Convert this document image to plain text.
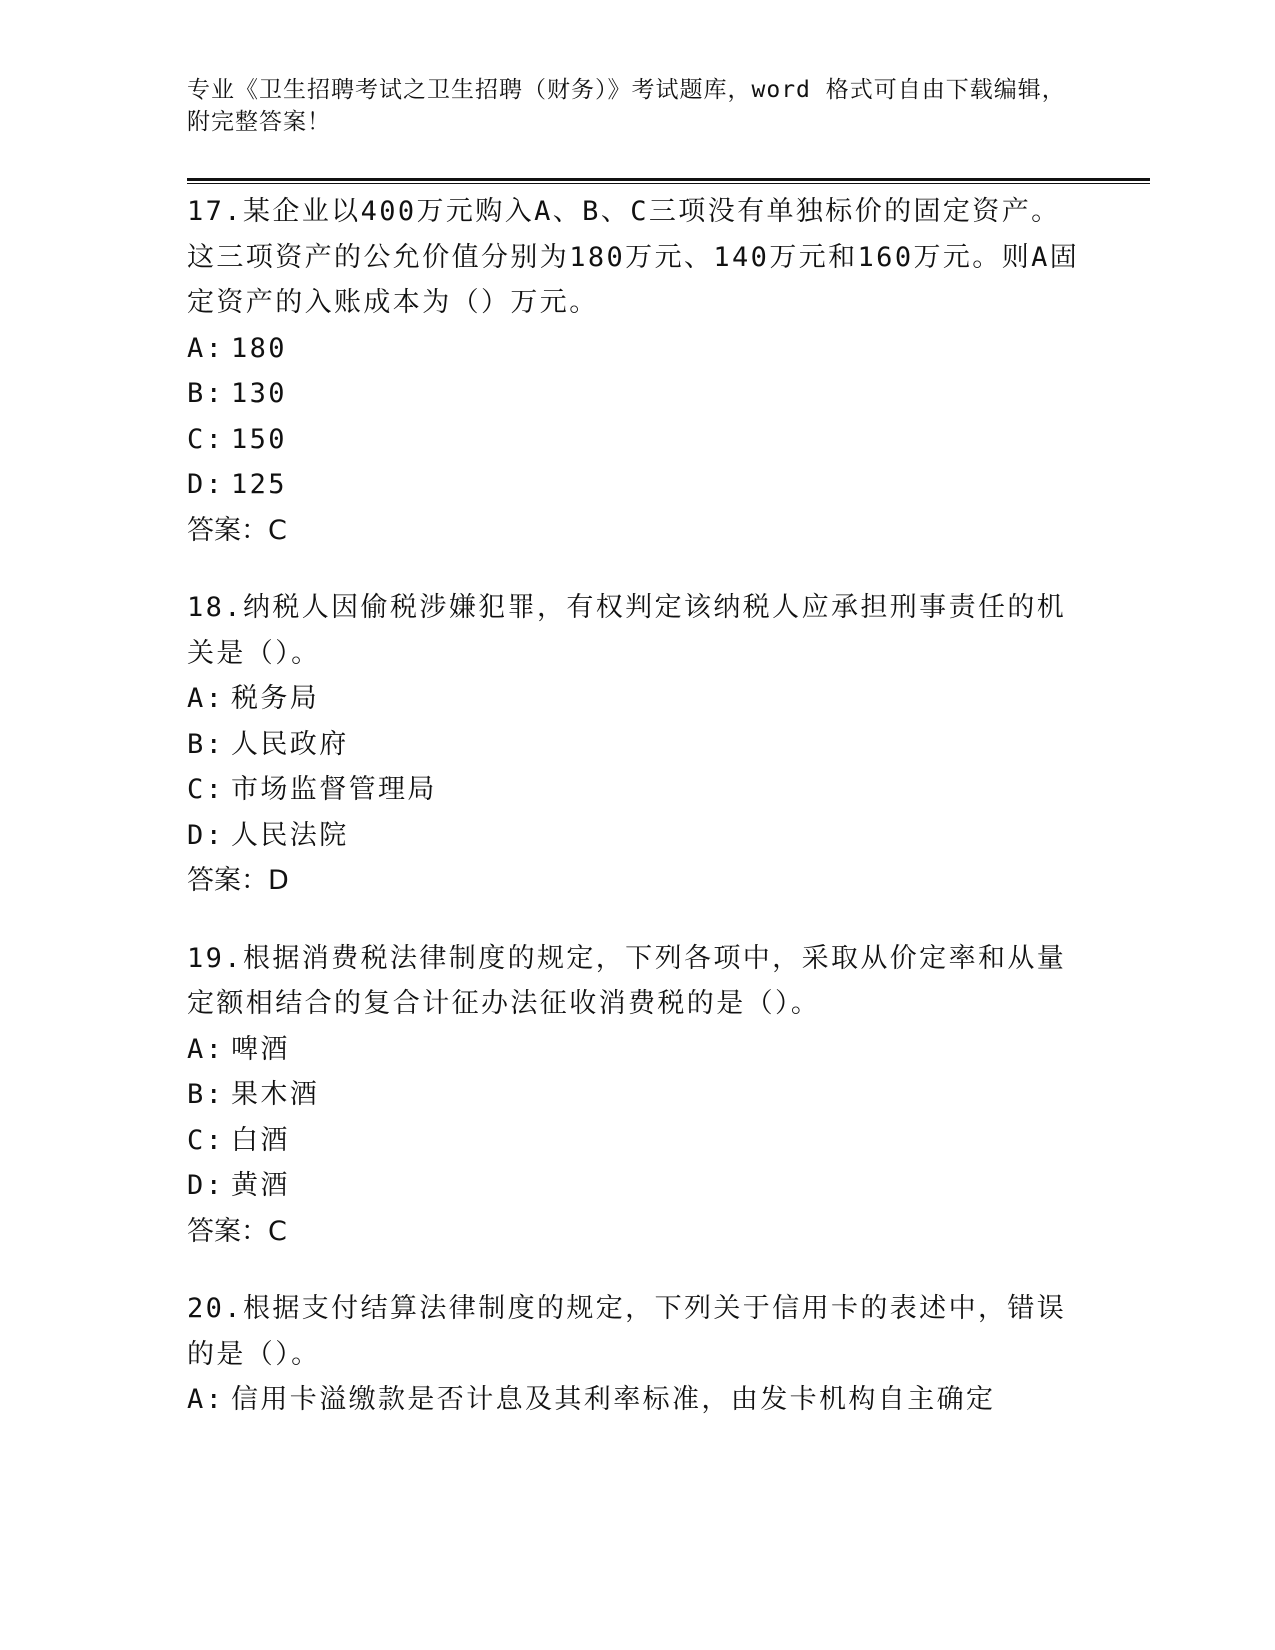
专业《卫生招聘考试之卫生招聘（财务）》考试题库，word 格式可自由下载编辑，附完整答案！

17.某企业以400万元购入A、B、C三项没有单独标价的固定资产。这三项资产的公允价值分别为180万元、140万元和160万元。则A固定资产的入账成本为（）万元。

A: 180

B: 130

C: 150

D: 125

答案：C

18.纳税人因偷税涉嫌犯罪，有权判定该纳税人应承担刑事责任的机关是（）。

A: 税务局

B: 人民政府

C: 市场监督管理局

D: 人民法院

答案：D

19.根据消费税法律制度的规定，下列各项中，采取从价定率和从量定额相结合的复合计征办法征收消费税的是（）。

A: 啤酒

B: 果木酒

C: 白酒

D: 黄酒

答案：C

20.根据支付结算法律制度的规定，下列关于信用卡的表述中，错误的是（）。

A: 信用卡溢缴款是否计息及其利率标准，由发卡机构自主确定
